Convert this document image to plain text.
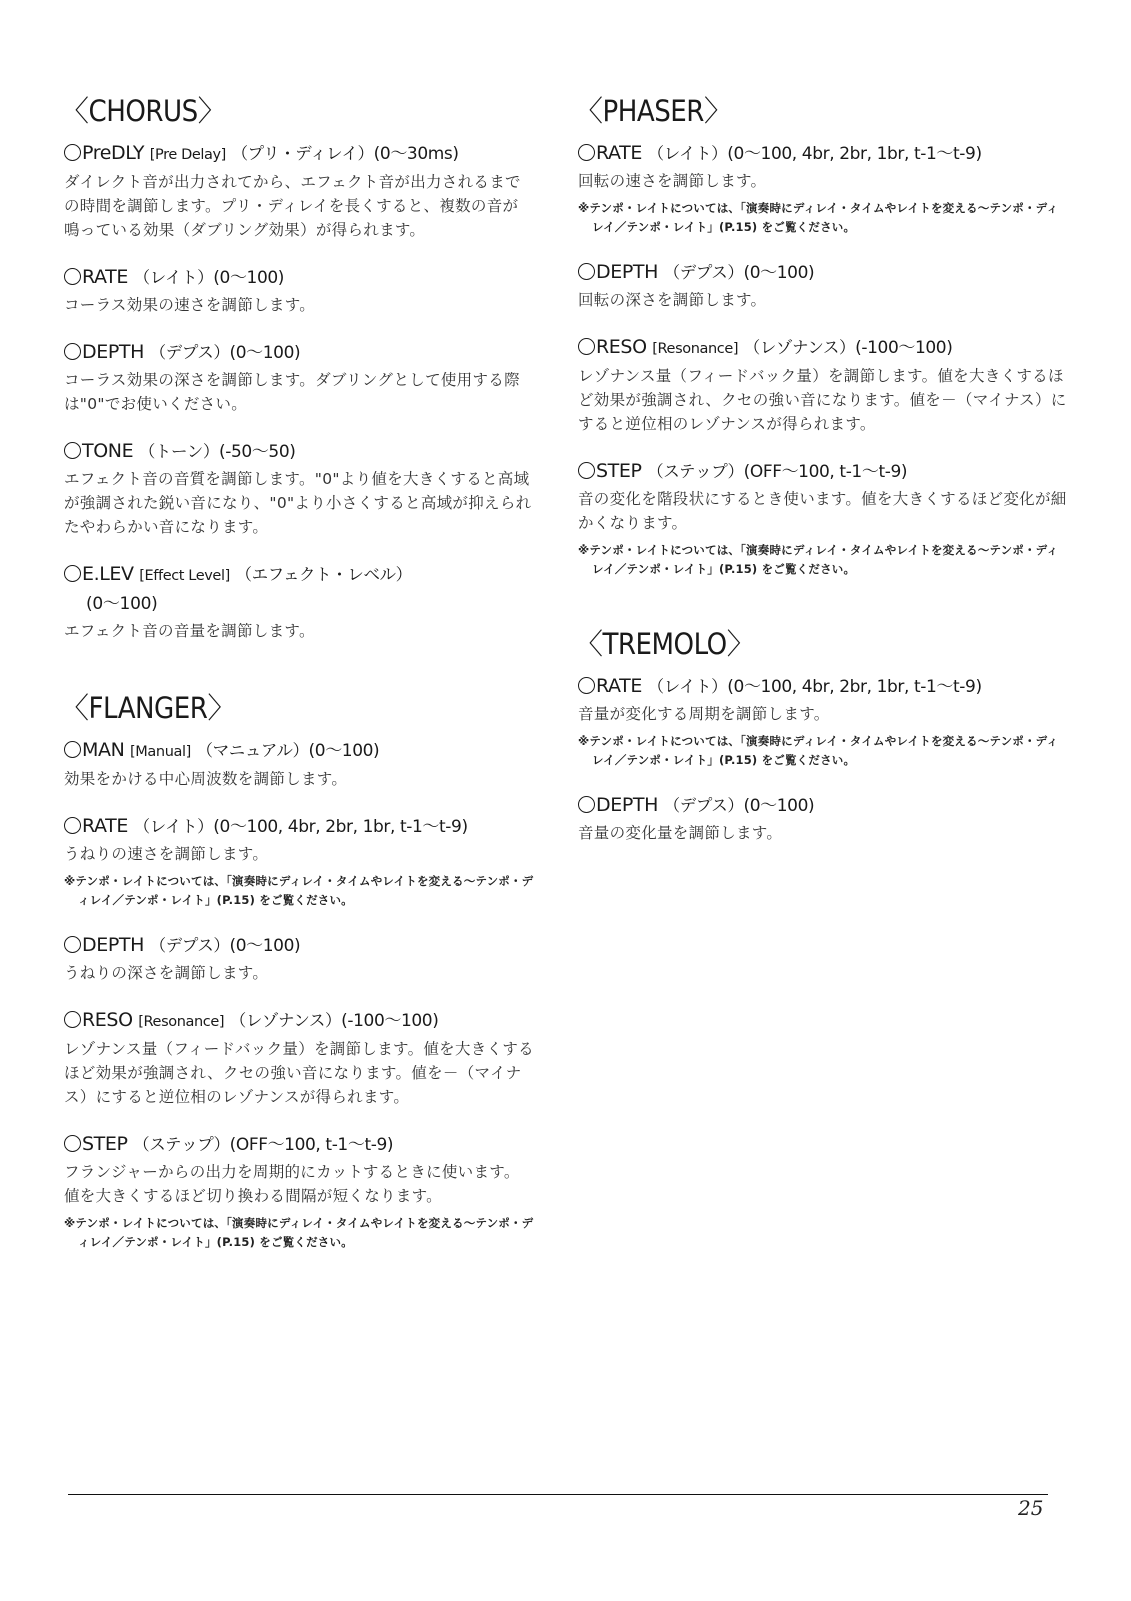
〈CHORUS〉
PreDLY [Pre Delay] （プリ・ディレイ）(0〜30ms)

ダイレクト音が出力されてから、エフェクト音が出力されるまでの時間を調節します。プリ・ディレイを長くすると、複数の音が鳴っている効果（ダブリング効果）が得られます。

RATE （レイト）(0〜100)

コーラス効果の速さを調節します。

DEPTH （デプス）(0〜100)

コーラス効果の深さを調節します。ダブリングとして使用する際は"0"でお使いください。

TONE （トーン）(-50〜50)

エフェクト音の音質を調節します。"0"より値を大きくすると高域が強調された鋭い音になり、"0"より小さくすると高域が抑えられたやわらかい音になります。

E.LEV [Effect Level] （エフェクト・レベル）
(0〜100)

エフェクト音の音量を調節します。

〈FLANGER〉
MAN [Manual] （マニュアル）(0〜100)

効果をかける中心周波数を調節します。

RATE （レイト）(0〜100, 4br, 2br, 1br, t-1〜t-9)

うねりの速さを調節します。

※テンポ・レイトについては、「演奏時にディレイ・タイムやレイトを変える〜テンポ・ディレイ／テンポ・レイト」(P.15) をご覧ください。

DEPTH （デプス）(0〜100)

うねりの深さを調節します。

RESO [Resonance] （レゾナンス）(-100〜100)

レゾナンス量（フィードバック量）を調節します。値を大きくするほど効果が強調され、クセの強い音になります。値を－（マイナス）にすると逆位相のレゾナンスが得られます。

STEP （ステップ）(OFF〜100, t-1〜t-9)

フランジャーからの出力を周期的にカットするときに使います。値を大きくするほど切り換わる間隔が短くなります。

※テンポ・レイトについては、「演奏時にディレイ・タイムやレイトを変える〜テンポ・ディレイ／テンポ・レイト」(P.15) をご覧ください。

〈PHASER〉
RATE （レイト）(0〜100, 4br, 2br, 1br, t-1〜t-9)

回転の速さを調節します。

※テンポ・レイトについては、「演奏時にディレイ・タイムやレイトを変える〜テンポ・ディレイ／テンポ・レイト」(P.15) をご覧ください。

DEPTH （デプス）(0〜100)

回転の深さを調節します。

RESO [Resonance] （レゾナンス）(-100〜100)

レゾナンス量（フィードバック量）を調節します。値を大きくするほど効果が強調され、クセの強い音になります。値を－（マイナス）にすると逆位相のレゾナンスが得られます。

STEP （ステップ）(OFF〜100, t-1〜t-9)

音の変化を階段状にするとき使います。値を大きくするほど変化が細かくなります。

※テンポ・レイトについては、「演奏時にディレイ・タイムやレイトを変える〜テンポ・ディレイ／テンポ・レイト」(P.15) をご覧ください。

〈TREMOLO〉
RATE （レイト）(0〜100, 4br, 2br, 1br, t-1〜t-9)

音量が変化する周期を調節します。

※テンポ・レイトについては、「演奏時にディレイ・タイムやレイトを変える〜テンポ・ディレイ／テンポ・レイト」(P.15) をご覧ください。

DEPTH （デプス）(0〜100)

音量の変化量を調節します。

25
